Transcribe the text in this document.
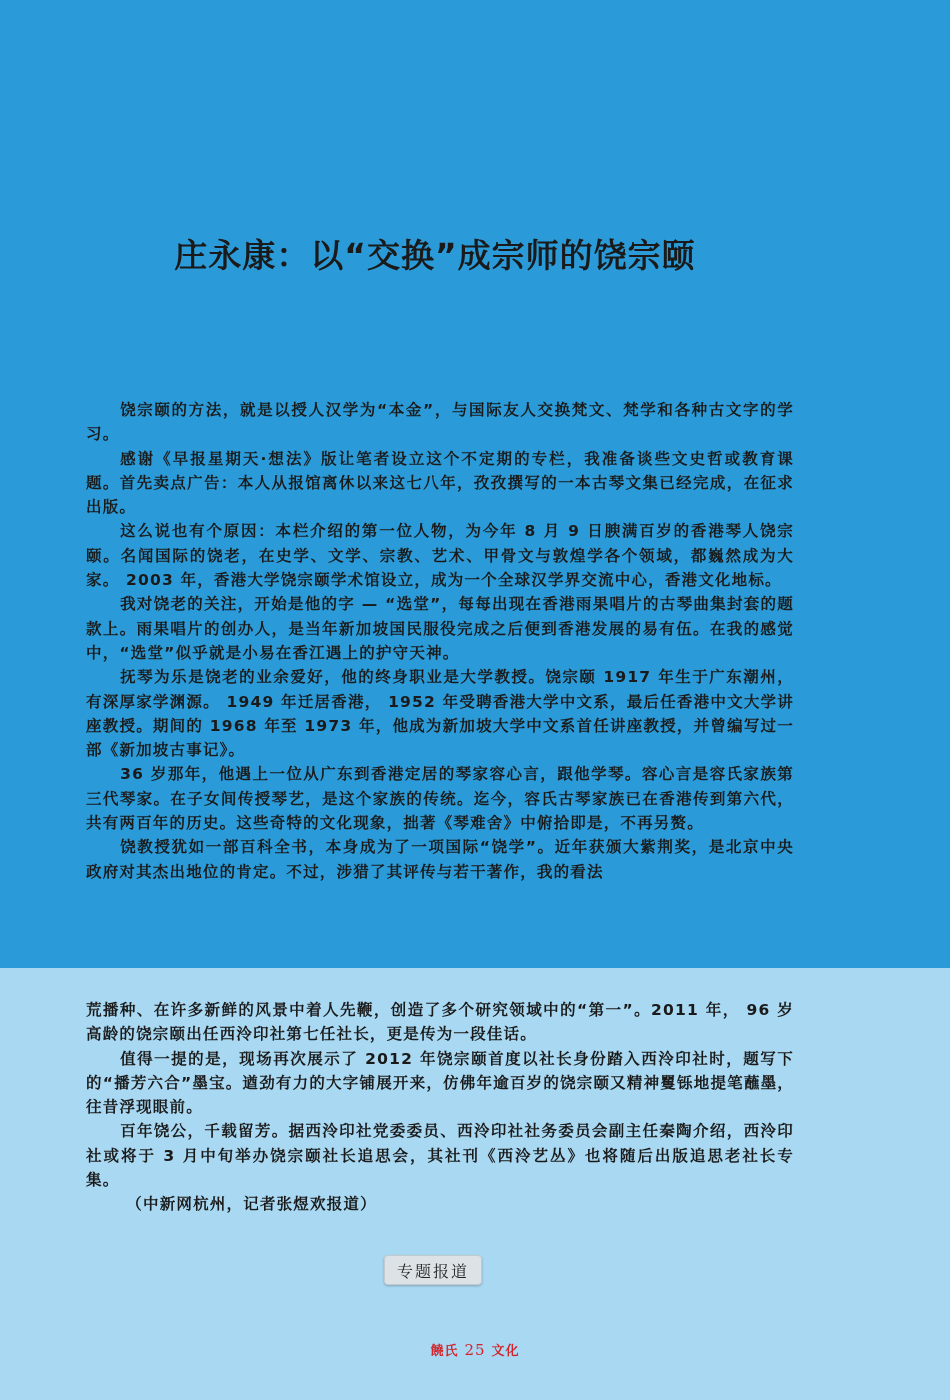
庄永康：以“交换”成宗师的饶宗颐

饶宗颐的方法，就是以授人汉学为“本金”，与国际友人交换梵文、梵学和各种古文字的学习。

感谢《早报星期天·想法》版让笔者设立这个不定期的专栏，我准备谈些文史哲或教育课题。首先卖点广告：本人从报馆离休以来这七八年，孜孜撰写的一本古琴文集已经完成，在征求出版。

这么说也有个原因：本栏介绍的第一位人物，为今年 8 月 9 日腴满百岁的香港琴人饶宗颐。名闻国际的饶老，在史学、文学、宗教、艺术、甲骨文与敦煌学各个领域，都巍然成为大家。 2003 年，香港大学饶宗颐学术馆设立，成为一个全球汉学界交流中心，香港文化地标。

我对饶老的关注，开始是他的字 — “选堂”，每每出现在香港雨果唱片的古琴曲集封套的题款上。雨果唱片的创办人，是当年新加坡国民服役完成之后便到香港发展的易有伍。在我的感觉中，“选堂”似乎就是小易在香江遇上的护守天神。

抚琴为乐是饶老的业余爱好，他的终身职业是大学教授。饶宗颐 1917 年生于广东潮州，有深厚家学渊源。 1949 年迁居香港， 1952 年受聘香港大学中文系，最后任香港中文大学讲座教授。期间的 1968 年至 1973 年，他成为新加坡大学中文系首任讲座教授，并曾编写过一部《新加坡古事记》。

36 岁那年，他遇上一位从广东到香港定居的琴家容心言，跟他学琴。容心言是容氏家族第三代琴家。在子女间传授琴艺，是这个家族的传统。迄今，容氏古琴家族已在香港传到第六代，共有两百年的历史。这些奇特的文化现象，拙著《琴难舍》中俯拾即是，不再另赘。

饶教授犹如一部百科全书，本身成为了一项国际“饶学”。近年获颁大紫荆奖，是北京中央政府对其杰出地位的肯定。不过，涉猎了其评传与若干著作，我的看法

荒播种、在许多新鲜的风景中着人先鞭，创造了多个研究领域中的“第一”。2011 年， 96 岁高龄的饶宗颐出任西泠印社第七任社长，更是传为一段佳话。

值得一提的是，现场再次展示了 2012 年饶宗颐首度以社长身份踏入西泠印社时，题写下的“播芳六合”墨宝。遒劲有力的大字铺展开来，仿佛年逾百岁的饶宗颐又精神矍铄地提笔蘸墨，往昔浮现眼前。

百年饶公，千载留芳。据西泠印社党委委员、西泠印社社务委员会副主任秦陶介绍，西泠印社或将于 3 月中旬举办饶宗颐社长追思会，其社刊《西泠艺丛》也将随后出版追思老社长专集。

（中新网杭州，记者张煜欢报道）

专题报道
饒氏 25 文化
